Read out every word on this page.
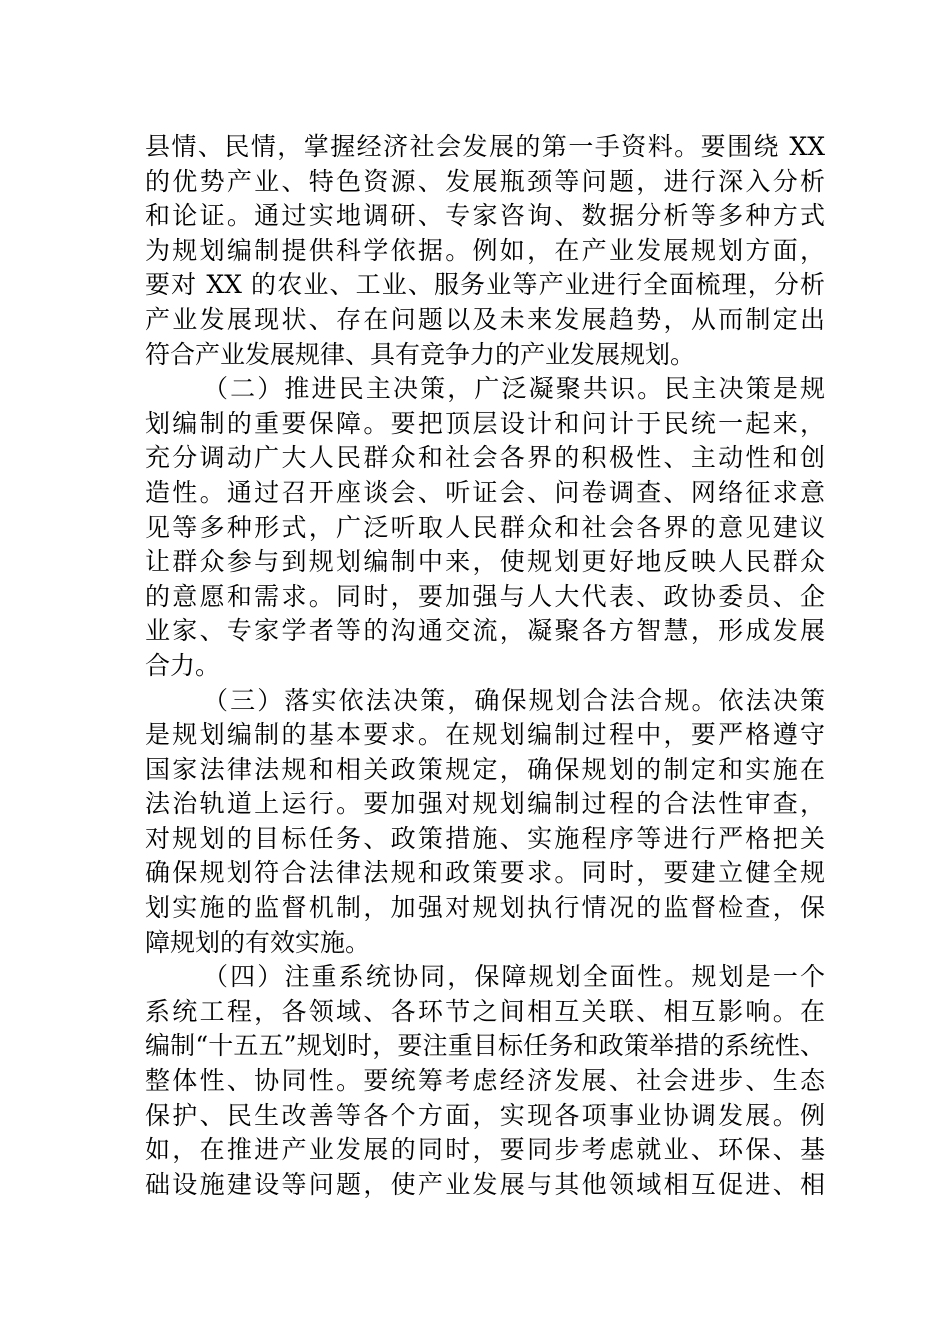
县情、民情，掌握经济社会发展的第一手资料。要围绕 XX
的优势产业、特色资源、发展瓶颈等问题，进行深入分析
和论证。通过实地调研、专家咨询、数据分析等多种方式
为规划编制提供科学依据。例如，在产业发展规划方面，
要对 XX 的农业、工业、服务业等产业进行全面梳理，分析
产业发展现状、存在问题以及未来发展趋势，从而制定出
符合产业发展规律、具有竞争力的产业发展规划。
（二）推进民主决策，广泛凝聚共识。民主决策是规
划编制的重要保障。要把顶层设计和问计于民统一起来，
充分调动广大人民群众和社会各界的积极性、主动性和创
造性。通过召开座谈会、听证会、问卷调查、网络征求意
见等多种形式，广泛听取人民群众和社会各界的意见建议
让群众参与到规划编制中来，使规划更好地反映人民群众
的意愿和需求。同时，要加强与人大代表、政协委员、企
业家、专家学者等的沟通交流，凝聚各方智慧，形成发展
合力。
（三）落实依法决策，确保规划合法合规。依法决策
是规划编制的基本要求。在规划编制过程中，要严格遵守
国家法律法规和相关政策规定，确保规划的制定和实施在
法治轨道上运行。要加强对规划编制过程的合法性审查，
对规划的目标任务、政策措施、实施程序等进行严格把关
确保规划符合法律法规和政策要求。同时，要建立健全规
划实施的监督机制，加强对规划执行情况的监督检查，保
障规划的有效实施。
（四）注重系统协同，保障规划全面性。规划是一个
系统工程，各领域、各环节之间相互关联、相互影响。在
编制“十五五”规划时，要注重目标任务和政策举措的系统性、
整体性、协同性。要统筹考虑经济发展、社会进步、生态
保护、民生改善等各个方面，实现各项事业协调发展。例
如，在推进产业发展的同时，要同步考虑就业、环保、基
础设施建设等问题，使产业发展与其他领域相互促进、相
